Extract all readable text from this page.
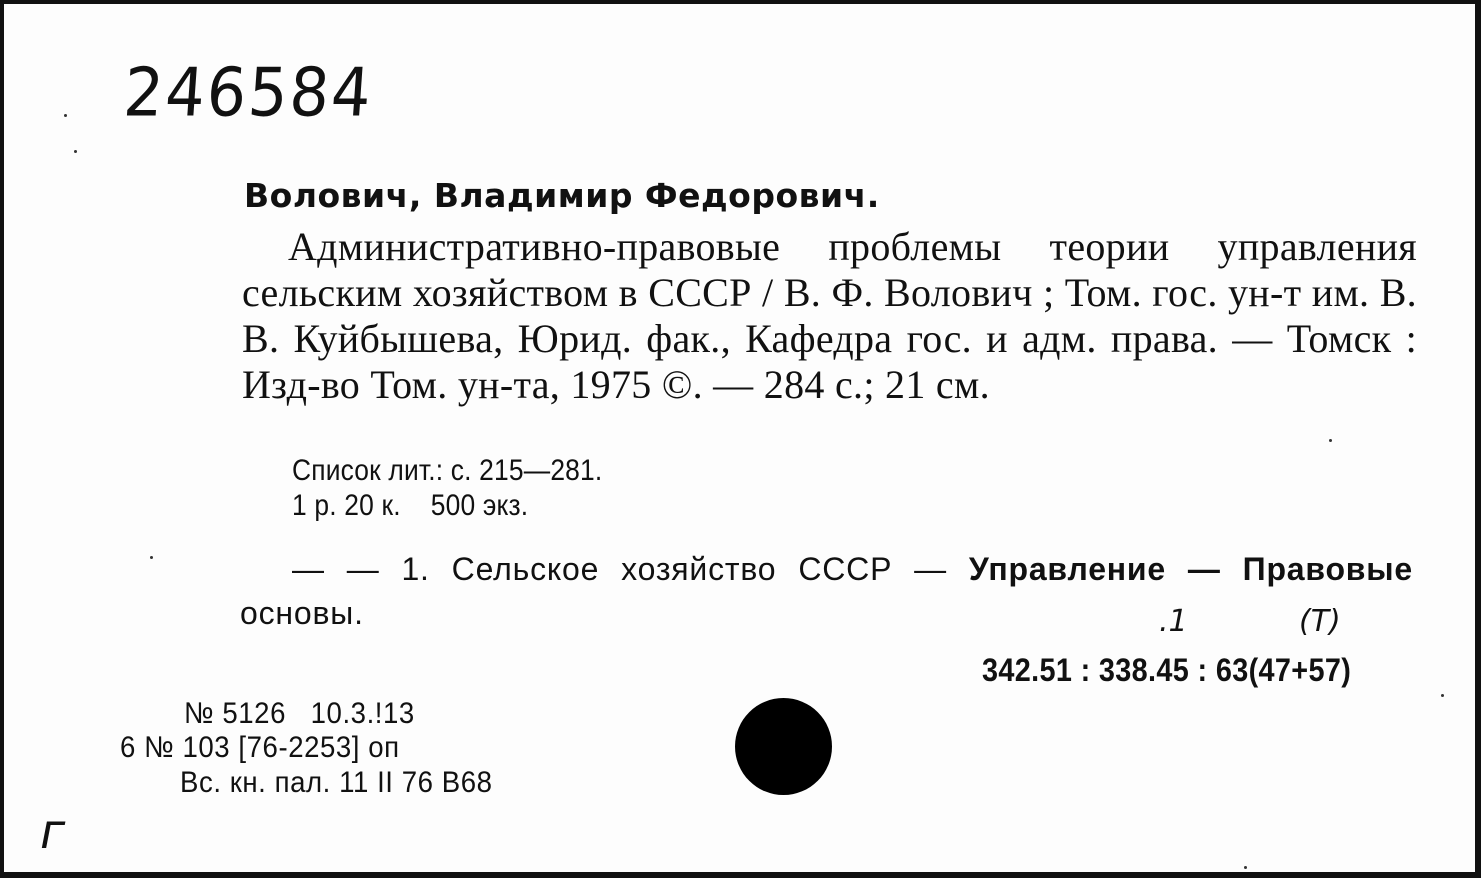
246584
Волович, Владимир Федорович.
Административно-правовые проблемы теории управления сельским хозяйством в СССР / В. Ф. Волович ; Том. гос. ун-т им. В. В. Куйбышева, Юрид. фак., Кафедра гос. и адм. права. — Томск : Изд-во Том. ун-та, 1975 ©. — 284 с.; 21 см.
Список лит.: с. 215—281.
1 р. 20 к.    500 экз.
— — 1. Сельское хозяйство СССР — Управление — Правовые основы.	.1	(Т)
342.51 : 338.45 : 63(47+57)
№ 5126   10.3.!13
6 № 103 [76-2253] оп
Вс. кн. пал. 11 II 76 В68
г
